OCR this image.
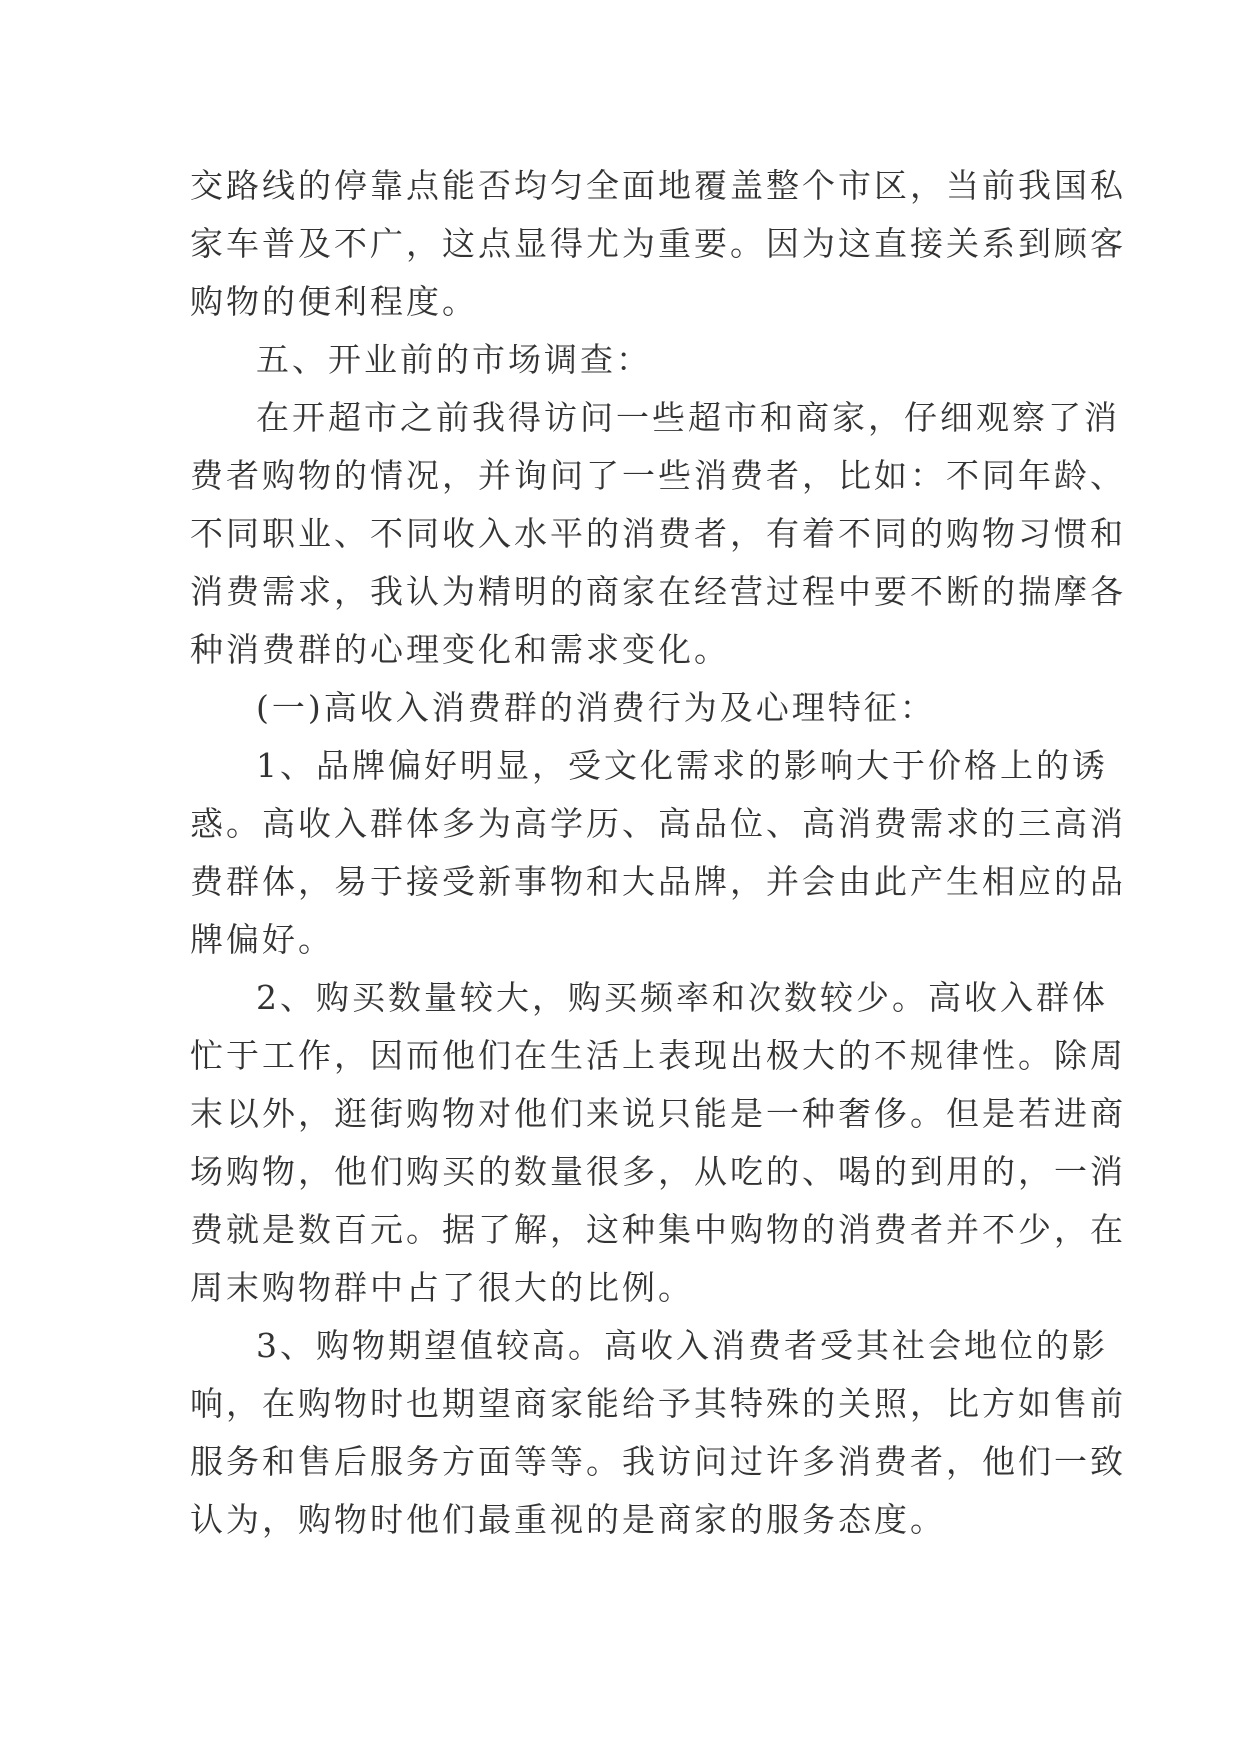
交路线的停靠点能否均匀全面地覆盖整个市区，当前我国私
家车普及不广，这点显得尤为重要。因为这直接关系到顾客
购物的便利程度。
五、开业前的市场调查：
在开超市之前我得访问一些超市和商家，仔细观察了消
费者购物的情况，并询问了一些消费者，比如：不同年龄、
不同职业、不同收入水平的消费者，有着不同的购物习惯和
消费需求，我认为精明的商家在经营过程中要不断的揣摩各
种消费群的心理变化和需求变化。
(一)高收入消费群的消费行为及心理特征：
1、品牌偏好明显，受文化需求的影响大于价格上的诱
惑。高收入群体多为高学历、高品位、高消费需求的三高消
费群体，易于接受新事物和大品牌，并会由此产生相应的品
牌偏好。
2、购买数量较大，购买频率和次数较少。高收入群体
忙于工作，因而他们在生活上表现出极大的不规律性。除周
末以外，逛街购物对他们来说只能是一种奢侈。但是若进商
场购物，他们购买的数量很多，从吃的、喝的到用的，一消
费就是数百元。据了解，这种集中购物的消费者并不少，在
周末购物群中占了很大的比例。
3、购物期望值较高。高收入消费者受其社会地位的影
响，在购物时也期望商家能给予其特殊的关照，比方如售前
服务和售后服务方面等等。我访问过许多消费者，他们一致
认为，购物时他们最重视的是商家的服务态度。
